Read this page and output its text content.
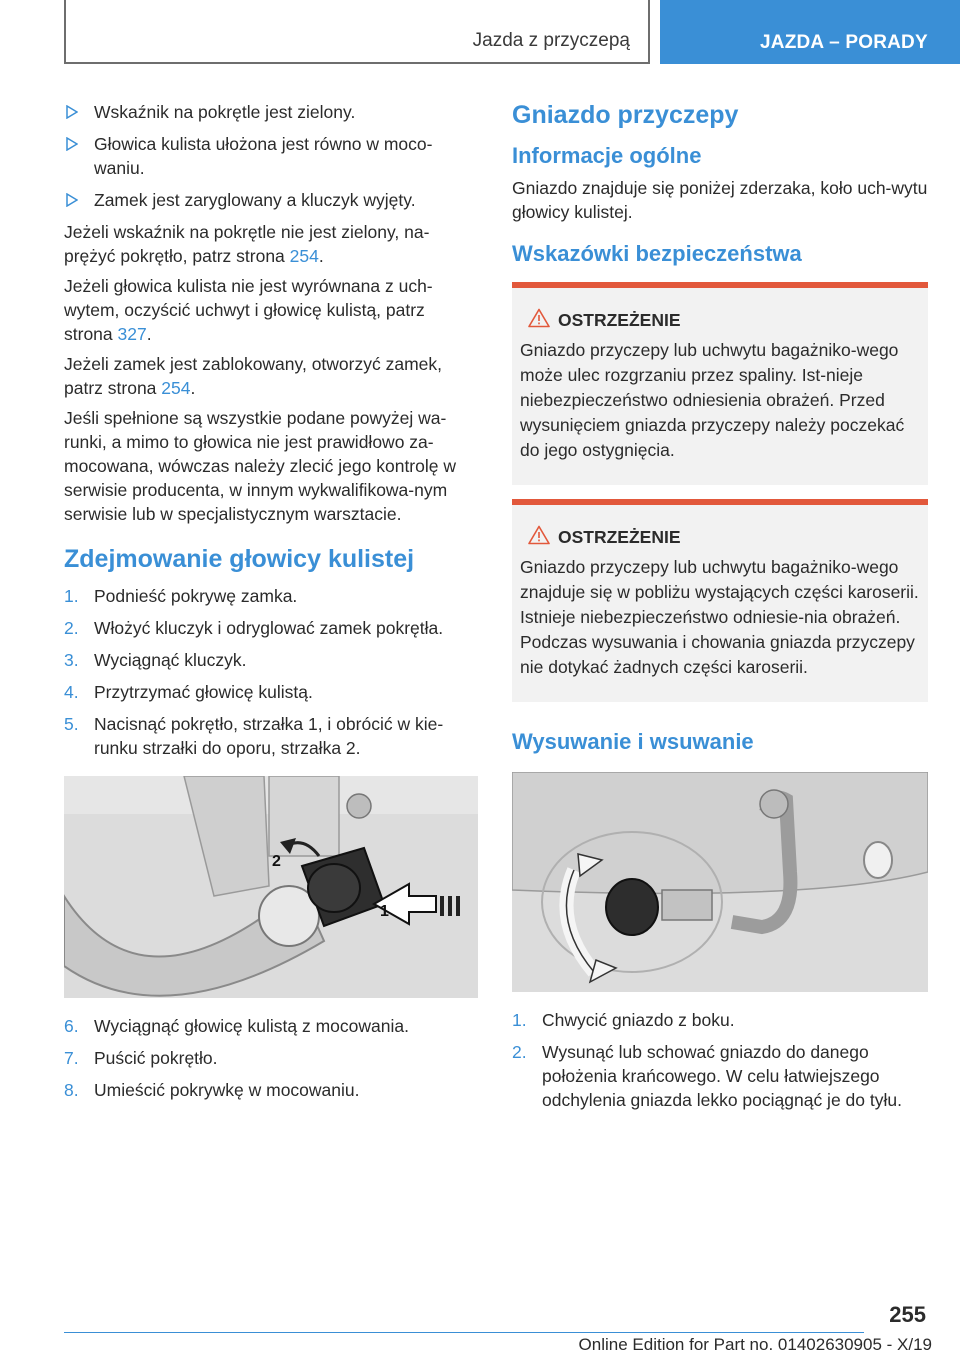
Jazda z przyczepą	JAZDA – PORADY
Wskaźnik na pokrętle jest zielony.
Głowica kulista ułożona jest równo w moco-waniu.
Zamek jest zaryglowany a kluczyk wyjęty.

Jeżeli wskaźnik na pokrętle nie jest zielony, na-prężyć pokrętło, patrz strona 254.

Jeżeli głowica kulista nie jest wyrównana z uch-wytem, oczyścić uchwyt i głowicę kulistą, patrz strona 327.

Jeżeli zamek jest zablokowany, otworzyć zamek, patrz strona 254.

Jeśli spełnione są wszystkie podane powyżej wa-runki, a mimo to głowica nie jest prawidłowo za-mocowana, wówczas należy zlecić jego kontrolę w serwisie producenta, w innym wykwalifikowa-nym serwisie lub w specjalistycznym warsztacie.

Zdejmowanie głowicy kulistej
1. Podnieść pokrywę zamka.
2. Włożyć kluczyk i odryglować zamek pokrętła.
3. Wyciągnąć kluczyk.
4. Przytrzymać głowicę kulistą.
5. Nacisnąć pokrętło, strzałka 1, i obrócić w kie-runku strzałki do oporu, strzałka 2.
1
2
6. Wyciągnąć głowicę kulistą z mocowania.
7. Puścić pokrętło.
8. Umieścić pokrywkę w mocowaniu.
Gniazdo przyczepy
Informacje ogólne

Gniazdo znajduje się poniżej zderzaka, koło uch-wytu głowicy kulistej.

Wskazówki bezpieczeństwa
OSTRZEŻENIE

Gniazdo przyczepy lub uchwytu bagażniko-wego może ulec rozgrzaniu przez spaliny. Ist-nieje niebezpieczeństwo odniesienia obrażeń. Przed wysunięciem gniazda przyczepy należy poczekać do jego ostygnięcia.

OSTRZEŻENIE

Gniazdo przyczepy lub uchwytu bagażniko-wego znajduje się w pobliżu wystających części karoserii. Istnieje niebezpieczeństwo odniesie-nia obrażeń. Podczas wysuwania i chowania gniazda przyczepy nie dotykać żadnych części karoserii.

Wysuwanie i wsuwanie
1. Chwycić gniazdo z boku.
2. Wysunąć lub schować gniazdo do danego położenia krańcowego. W celu łatwiejszego odchylenia gniazda lekko pociągnąć je do tyłu.
255
Online Edition for Part no. 01402630905 - X/19
